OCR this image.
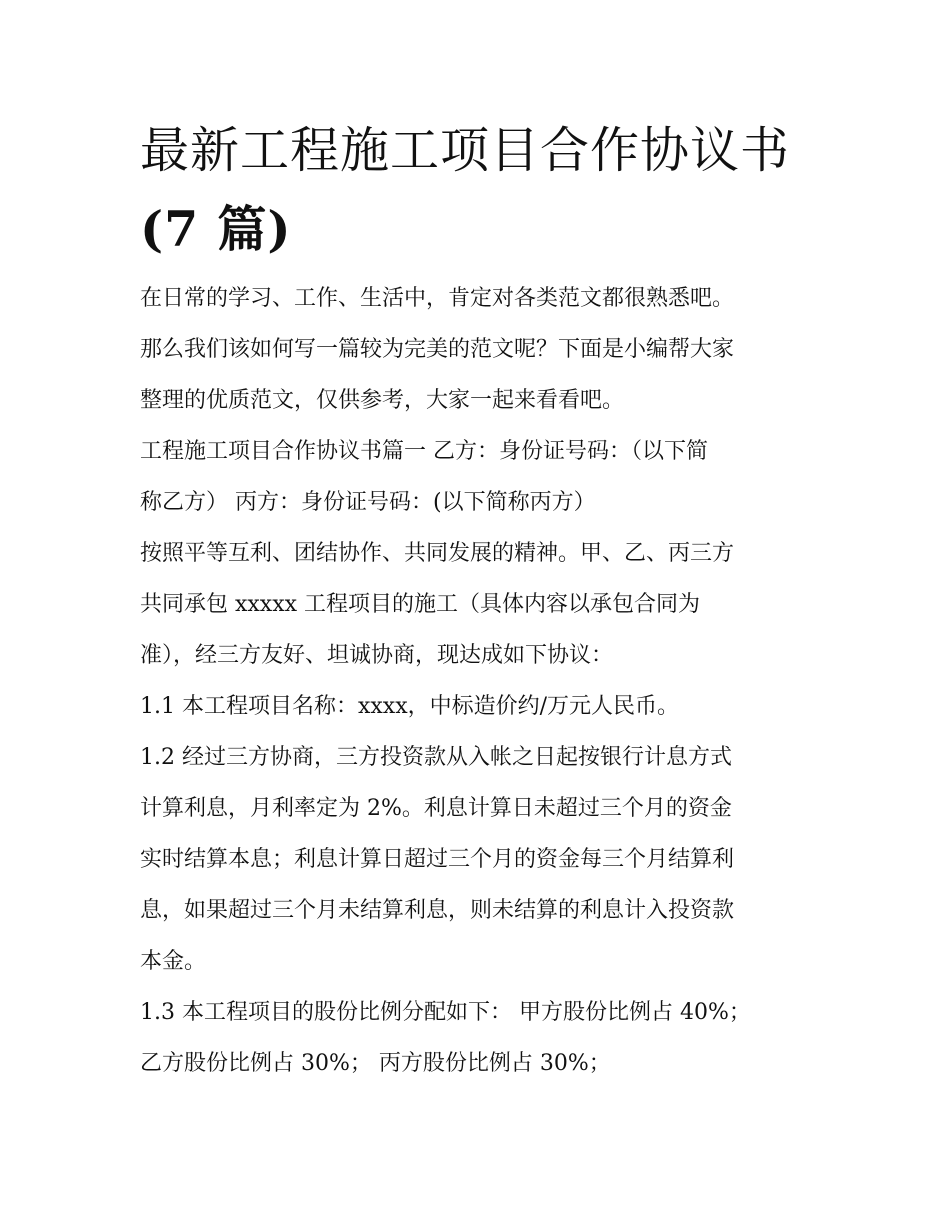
最新工程施工项目合作协议书
(7 篇)
在日常的学习、工作、生活中，肯定对各类范文都很熟悉吧。
那么我们该如何写一篇较为完美的范文呢？下面是小编帮大家
整理的优质范文，仅供参考，大家一起来看看吧。
工程施工项目合作协议书篇一 乙方：身份证号码：（以下简
称乙方） 丙方：身份证号码：(以下简称丙方）
按照平等互利、团结协作、共同发展的精神。甲、乙、丙三方
共同承包 xxxxx 工程项目的施工（具体内容以承包合同为
准），经三方友好、坦诚协商，现达成如下协议：
1.1 本工程项目名称：xxxx，中标造价约/万元人民币。
1.2 经过三方协商，三方投资款从入帐之日起按银行计息方式
计算利息，月利率定为 2%。利息计算日未超过三个月的资金
实时结算本息；利息计算日超过三个月的资金每三个月结算利
息，如果超过三个月未结算利息，则未结算的利息计入投资款
本金。
1.3 本工程项目的股份比例分配如下： 甲方股份比例占 40%；
乙方股份比例占 30%； 丙方股份比例占 30%；
